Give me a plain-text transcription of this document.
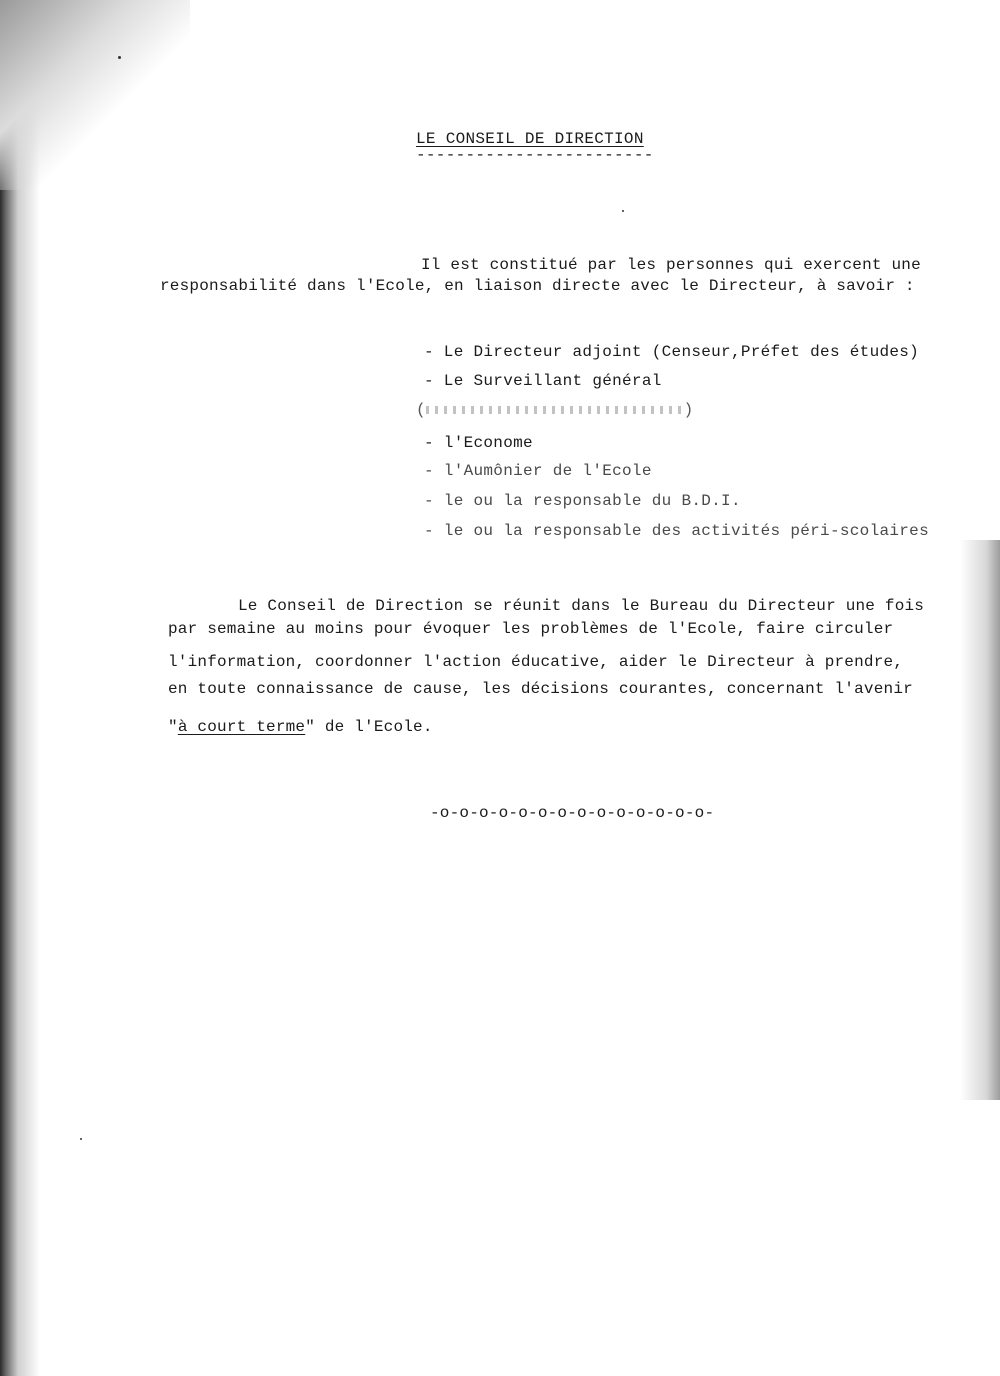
LE CONSEIL DE DIRECTION
------------------------
Il est constitué par les personnes qui exercent une
responsabilité dans l'Ecole, en liaison directe avec le Directeur, à savoir :
- Le Directeur adjoint (Censeur,Préfet des études)
- Le Surveillant général
(	)
- l'Econome
- l'Aumônier de l'Ecole
- le ou la responsable du B.D.I.
- le ou la responsable des activités péri-scolaires
Le Conseil de Direction se réunit dans le Bureau du Directeur une fois
par semaine au moins pour évoquer les problèmes de l'Ecole, faire circuler
l'information, coordonner l'action éducative, aider le Directeur à prendre,
en toute connaissance de cause, les décisions courantes, concernant l'avenir
"à court terme" de l'Ecole.
-o-o-o-o-o-o-o-o-o-o-o-o-o-o-
